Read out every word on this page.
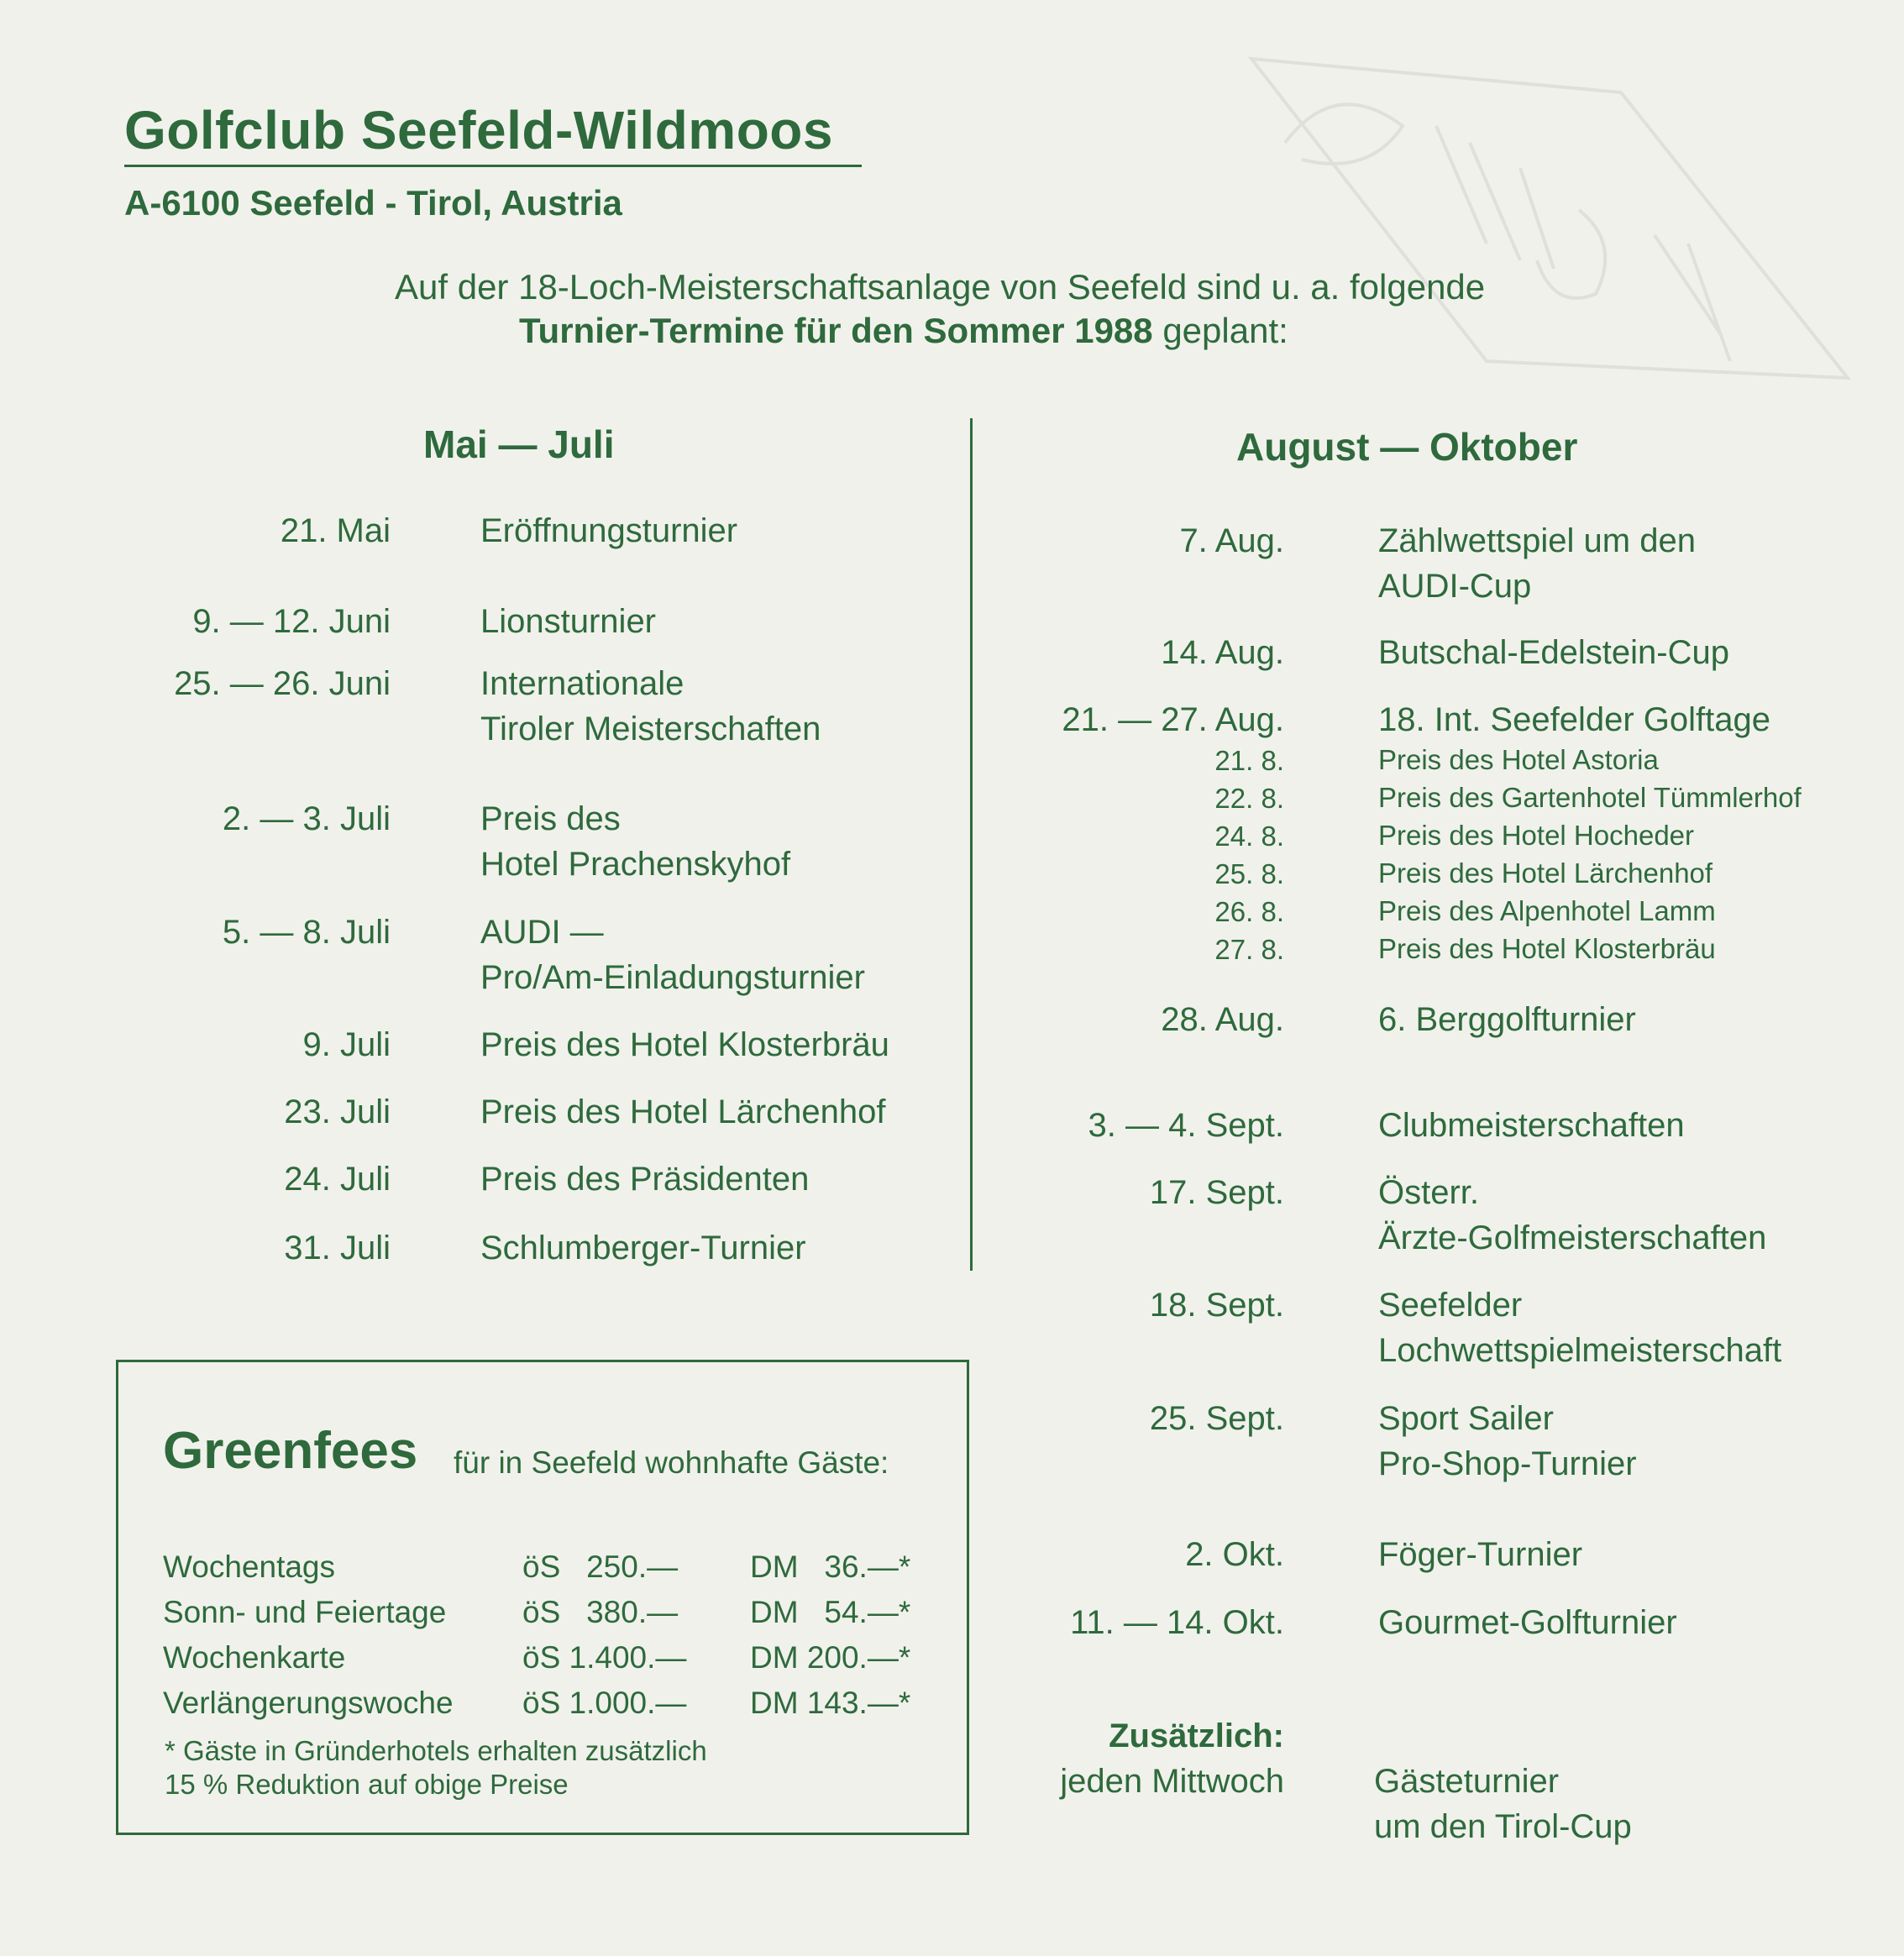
Golfclub Seefeld-Wildmoos
A-6100 Seefeld - Tirol, Austria
Auf der 18-Loch-Meisterschaftsanlage von Seefeld sind u. a. folgende
Turnier-Termine für den Sommer 1988 geplant:
Mai — Juli
21. Mai	Eröffnungsturnier
9. — 12. Juni	Lionsturnier
25. — 26. Juni	Internationale
Tiroler Meisterschaften
2. — 3. Juli	Preis des
Hotel Prachenskyhof
5. — 8. Juli	AUDI —
Pro/Am-Einladungsturnier
9. Juli	Preis des Hotel Klosterbräu
23. Juli	Preis des Hotel Lärchenhof
24. Juli	Preis des Präsidenten
31. Juli	Schlumberger-Turnier
August — Oktober
7. Aug.	Zählwettspiel um den
AUDI-Cup
14. Aug.	Butschal-Edelstein-Cup
21. — 27. Aug.	18. Int. Seefelder Golftage
21. 8.	Preis des Hotel Astoria
22. 8.	Preis des Gartenhotel Tümmlerhof
24. 8.	Preis des Hotel Hocheder
25. 8.	Preis des Hotel Lärchenhof
26. 8.	Preis des Alpenhotel Lamm
27. 8.	Preis des Hotel Klosterbräu
28. Aug.	6. Berggolfturnier
3. — 4. Sept.	Clubmeisterschaften
17. Sept.	Österr.
Ärzte-Golfmeisterschaften
18. Sept.	Seefelder
Lochwettspielmeisterschaft
25. Sept.	Sport Sailer
Pro-Shop-Turnier
2. Okt.	Föger-Turnier
11. — 14. Okt.	Gourmet-Golfturnier
Zusätzlich:
jeden Mittwoch	Gästeturnier
um den Tirol-Cup
Greenfees für in Seefeld wohnhafte Gäste:
Wochentags	öS   250.— DM   36.—*
Sonn- und Feiertage öS   380.— DM   54.—*
Wochenkarte	öS 1.400.— DM 200.—*
Verlängerungswoche öS 1.000.— DM 143.—*
* Gäste in Gründerhotels erhalten zusätzlich
15 % Reduktion auf obige Preise
